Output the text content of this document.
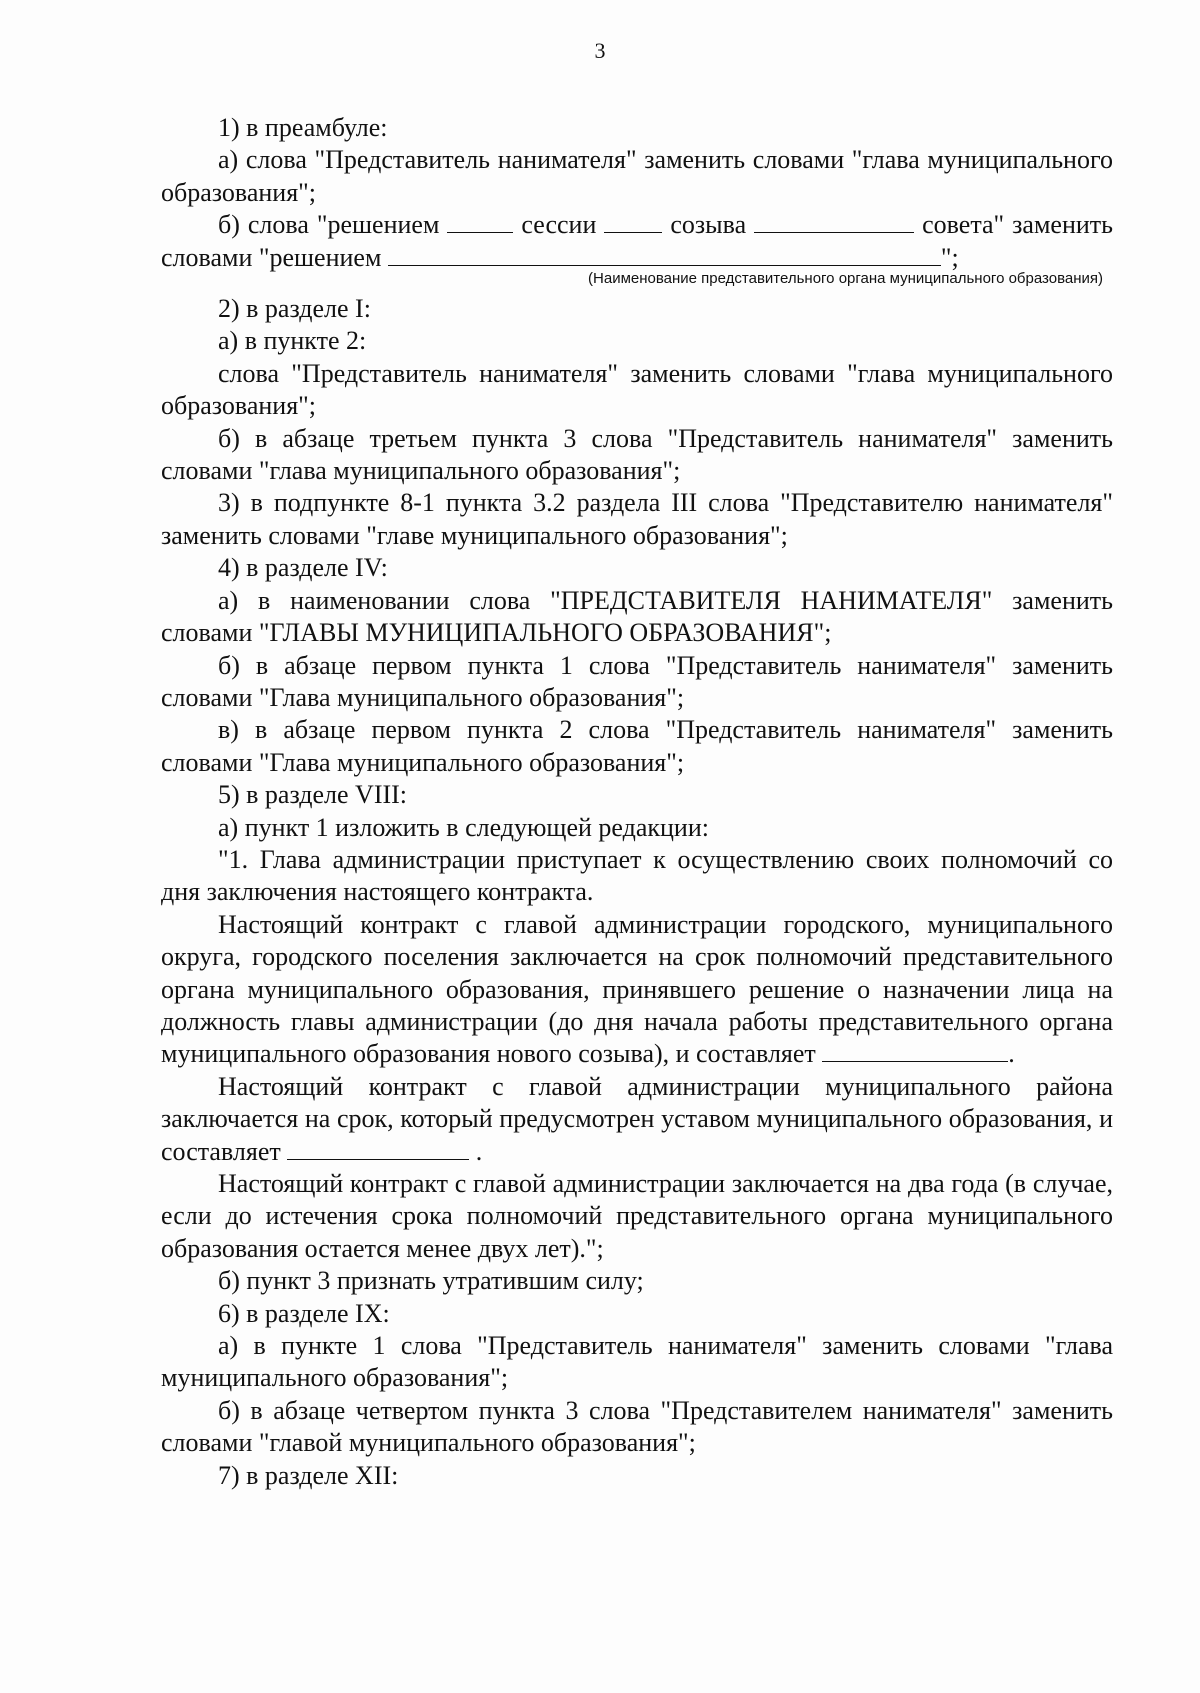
3

1) в преамбуле:

а) слова "Представитель нанимателя" заменить словами "глава муниципального образования";

б) слова "решением	сессии	созыва	совета" заменить словами "решением	";

(Наименование представительного органа муниципального образования)

2) в разделе I:

а) в пункте 2:

слова "Представитель нанимателя" заменить словами "глава муниципального образования";

б) в абзаце третьем пункта 3 слова "Представитель нанимателя" заменить словами "глава муниципального образования";

3) в подпункте 8-1 пункта 3.2 раздела III слова "Представителю нанимателя" заменить словами "главе муниципального образования";

4) в разделе IV:

а) в наименовании слова "ПРЕДСТАВИТЕЛЯ НАНИМАТЕЛЯ" заменить словами "ГЛАВЫ МУНИЦИПАЛЬНОГО ОБРАЗОВАНИЯ";

б) в абзаце первом пункта 1 слова "Представитель нанимателя" заменить словами "Глава муниципального образования";

в) в абзаце первом пункта 2 слова "Представитель нанимателя" заменить словами "Глава муниципального образования";

5) в разделе VIII:

а) пункт 1 изложить в следующей редакции:

"1. Глава администрации приступает к осуществлению своих полномочий со дня заключения настоящего контракта.

Настоящий контракт с главой администрации городского, муниципального округа, городского поселения заключается на срок полномочий представительного органа муниципального образования, принявшего решение о назначении лица на должность главы администрации (до дня начала работы представительного органа муниципального образования нового созыва), и составляет	.

Настоящий контракт с главой администрации муниципального района заключается на срок, который предусмотрен уставом муниципального образования, и составляет	.

Настоящий контракт с главой администрации заключается на два года (в случае, если до истечения срока полномочий представительного органа муниципального образования остается менее двух лет).";

б) пункт 3 признать утратившим силу;

6) в разделе IX:

а) в пункте 1 слова "Представитель нанимателя" заменить словами "глава муниципального образования";

б) в абзаце четвертом пункта 3 слова "Представителем нанимателя" заменить словами "главой муниципального образования";

7) в разделе XII:
